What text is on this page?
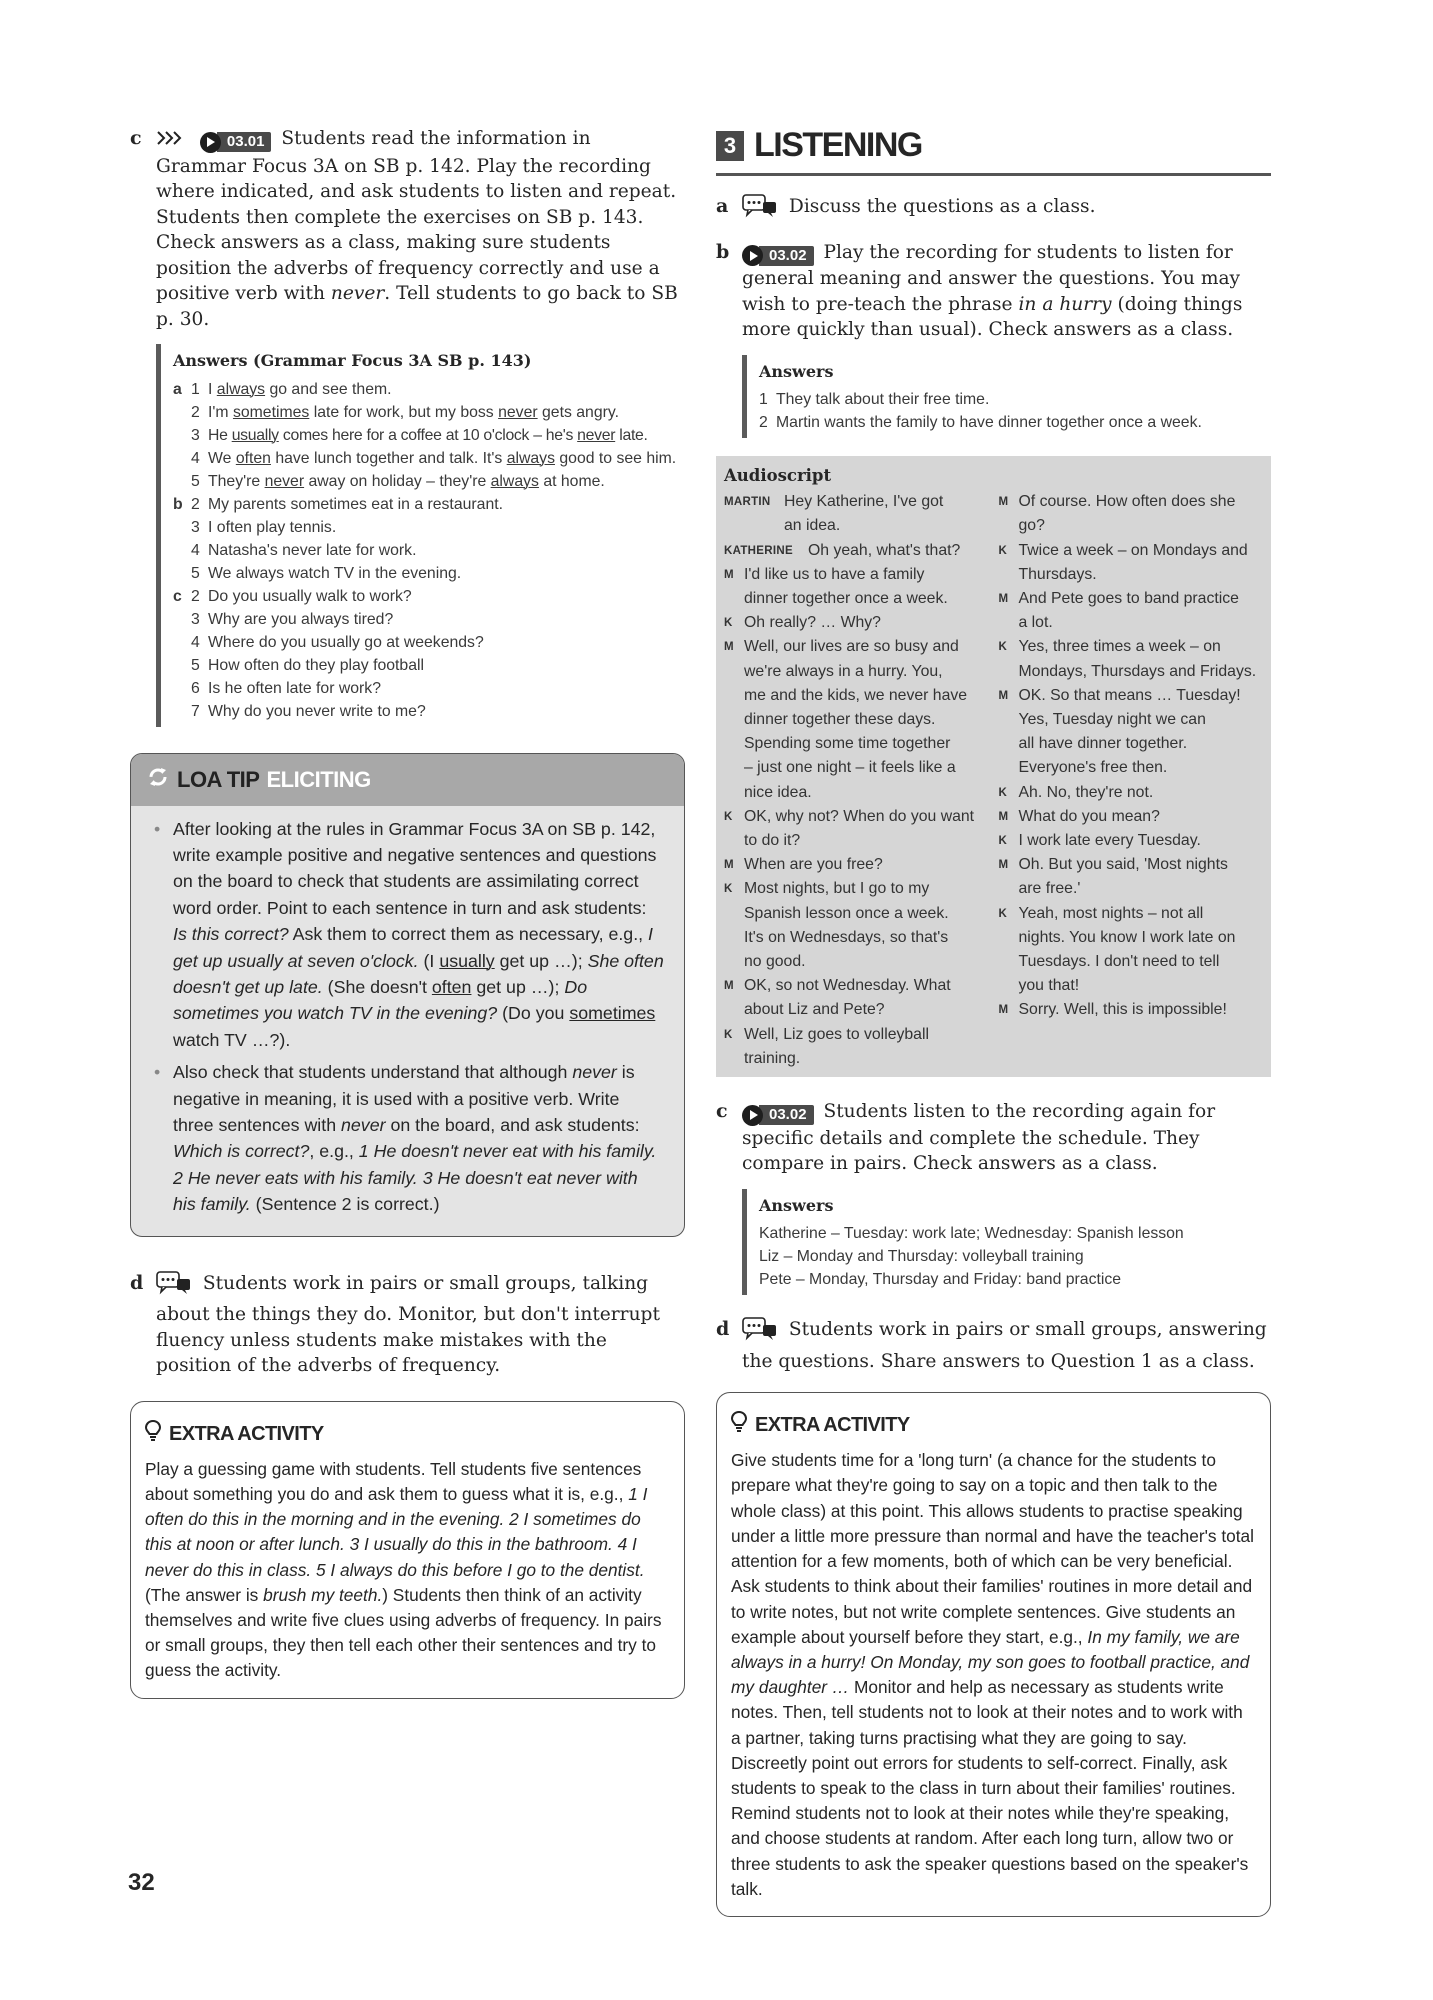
c
	03.01 Students read the information in Grammar Focus 3A on SB p. 142. Play the recording where indicated, and ask students to listen and repeat. Students then complete the exercises on SB p. 143. Check answers as a class, making sure students position the adverbs of frequency correctly and use a positive verb with never. Tell students to go back to SB p. 30.
Answers (Grammar Focus 3A SB p. 143)
a 1 I always go and see them.
2 I'm sometimes late for work, but my boss never gets angry.
3 He usually comes here for a coffee at 10 o'clock – he's never late.
4 We often have lunch together and talk. It's always good to see him.
5 They're never away on holiday – they're always at home.
b 2 My parents sometimes eat in a restaurant.
3 I often play tennis.
4 Natasha's never late for work.
5 We always watch TV in the evening.
c 2 Do you usually walk to work?
3 Why are you always tired?
4 Where do you usually go at weekends?
5 How often do they play football
6 Is he often late for work?
7 Why do you never write to me?
LOA TIP ELICITING
• After looking at the rules in Grammar Focus 3A on SB p. 142, write example positive and negative sentences and questions on the board to check that students are assimilating correct word order. Point to each sentence in turn and ask students: Is this correct? Ask them to correct them as necessary, e.g., I get up usually at seven o'clock. (I usually get up …); She often doesn't get up late. (She doesn't often get up …); Do sometimes you watch TV in the evening? (Do you sometimes watch TV …?).
• Also check that students understand that although never is negative in meaning, it is used with a positive verb. Write three sentences with never on the board, and ask students: Which is correct?, e.g., 1 He doesn't never eat with his family. 2 He never eats with his family. 3 He doesn't eat never with his family. (Sentence 2 is correct.)
d	Students work in pairs or small groups, talking about the things they do. Monitor, but don't interrupt fluency unless students make mistakes with the position of the adverbs of frequency.
EXTRA ACTIVITY
Play a guessing game with students. Tell students five sentences about something you do and ask them to guess what it is, e.g., 1 I often do this in the morning and in the evening. 2 I sometimes do this at noon or after lunch. 3 I usually do this in the bathroom. 4 I never do this in class. 5 I always do this before I go to the dentist. (The answer is brush my teeth.) Students then think of an activity themselves and write five clues using adverbs of frequency. In pairs or small groups, they then tell each other their sentences and try to guess the activity.
3 LISTENING
a	Discuss the questions as a class.
b	03.02 Play the recording for students to listen for general meaning and answer the questions. You may wish to pre-teach the phrase in a hurry (doing things more quickly than usual). Check answers as a class.
Answers
1 They talk about their free time.
2 Martin wants the family to have dinner together once a week.
Audioscript
MARTIN Hey Katherine, I've got
an idea.
KATHERINE Oh yeah, what's that?
M I'd like us to have a family
dinner together once a week.
K Oh really? … Why?
M Well, our lives are so busy and
we're always in a hurry. You,
me and the kids, we never have
dinner together these days.
Spending some time together
– just one night – it feels like a
nice idea.
K OK, why not? When do you want
to do it?
M When are you free?
K Most nights, but I go to my
Spanish lesson once a week.
It's on Wednesdays, so that's
no good.
M OK, so not Wednesday. What
about Liz and Pete?
K Well, Liz goes to volleyball
training.
M Of course. How often does she
go?
K Twice a week – on Mondays and
Thursdays.
M And Pete goes to band practice
a lot.
K Yes, three times a week – on
Mondays, Thursdays and Fridays.
M OK. So that means … Tuesday!
Yes, Tuesday night we can
all have dinner together.
Everyone's free then.
K Ah. No, they're not.
M What do you mean?
K I work late every Tuesday.
M Oh. But you said, 'Most nights
are free.'
K Yeah, most nights – not all
nights. You know I work late on
Tuesdays. I don't need to tell
you that!
M Sorry. Well, this is impossible!
c	03.02 Students listen to the recording again for specific details and complete the schedule. They compare in pairs. Check answers as a class.
Answers
Katherine – Tuesday: work late; Wednesday: Spanish lesson
Liz – Monday and Thursday: volleyball training
Pete – Monday, Thursday and Friday: band practice
d	Students work in pairs or small groups, answering the questions. Share answers to Question 1 as a class.
EXTRA ACTIVITY
Give students time for a 'long turn' (a chance for the students to prepare what they're going to say on a topic and then talk to the whole class) at this point. This allows students to practise speaking under a little more pressure than normal and have the teacher's total attention for a few moments, both of which can be very beneficial. Ask students to think about their families' routines in more detail and to write notes, but not write complete sentences. Give students an example about yourself before they start, e.g., In my family, we are always in a hurry! On Monday, my son goes to football practice, and my daughter … Monitor and help as necessary as students write notes. Then, tell students not to look at their notes and to work with a partner, taking turns practising what they are going to say. Discreetly point out errors for students to self-correct. Finally, ask students to speak to the class in turn about their families' routines. Remind students not to look at their notes while they're speaking, and choose students at random. After each long turn, allow two or three students to ask the speaker questions based on the speaker's talk.
32
